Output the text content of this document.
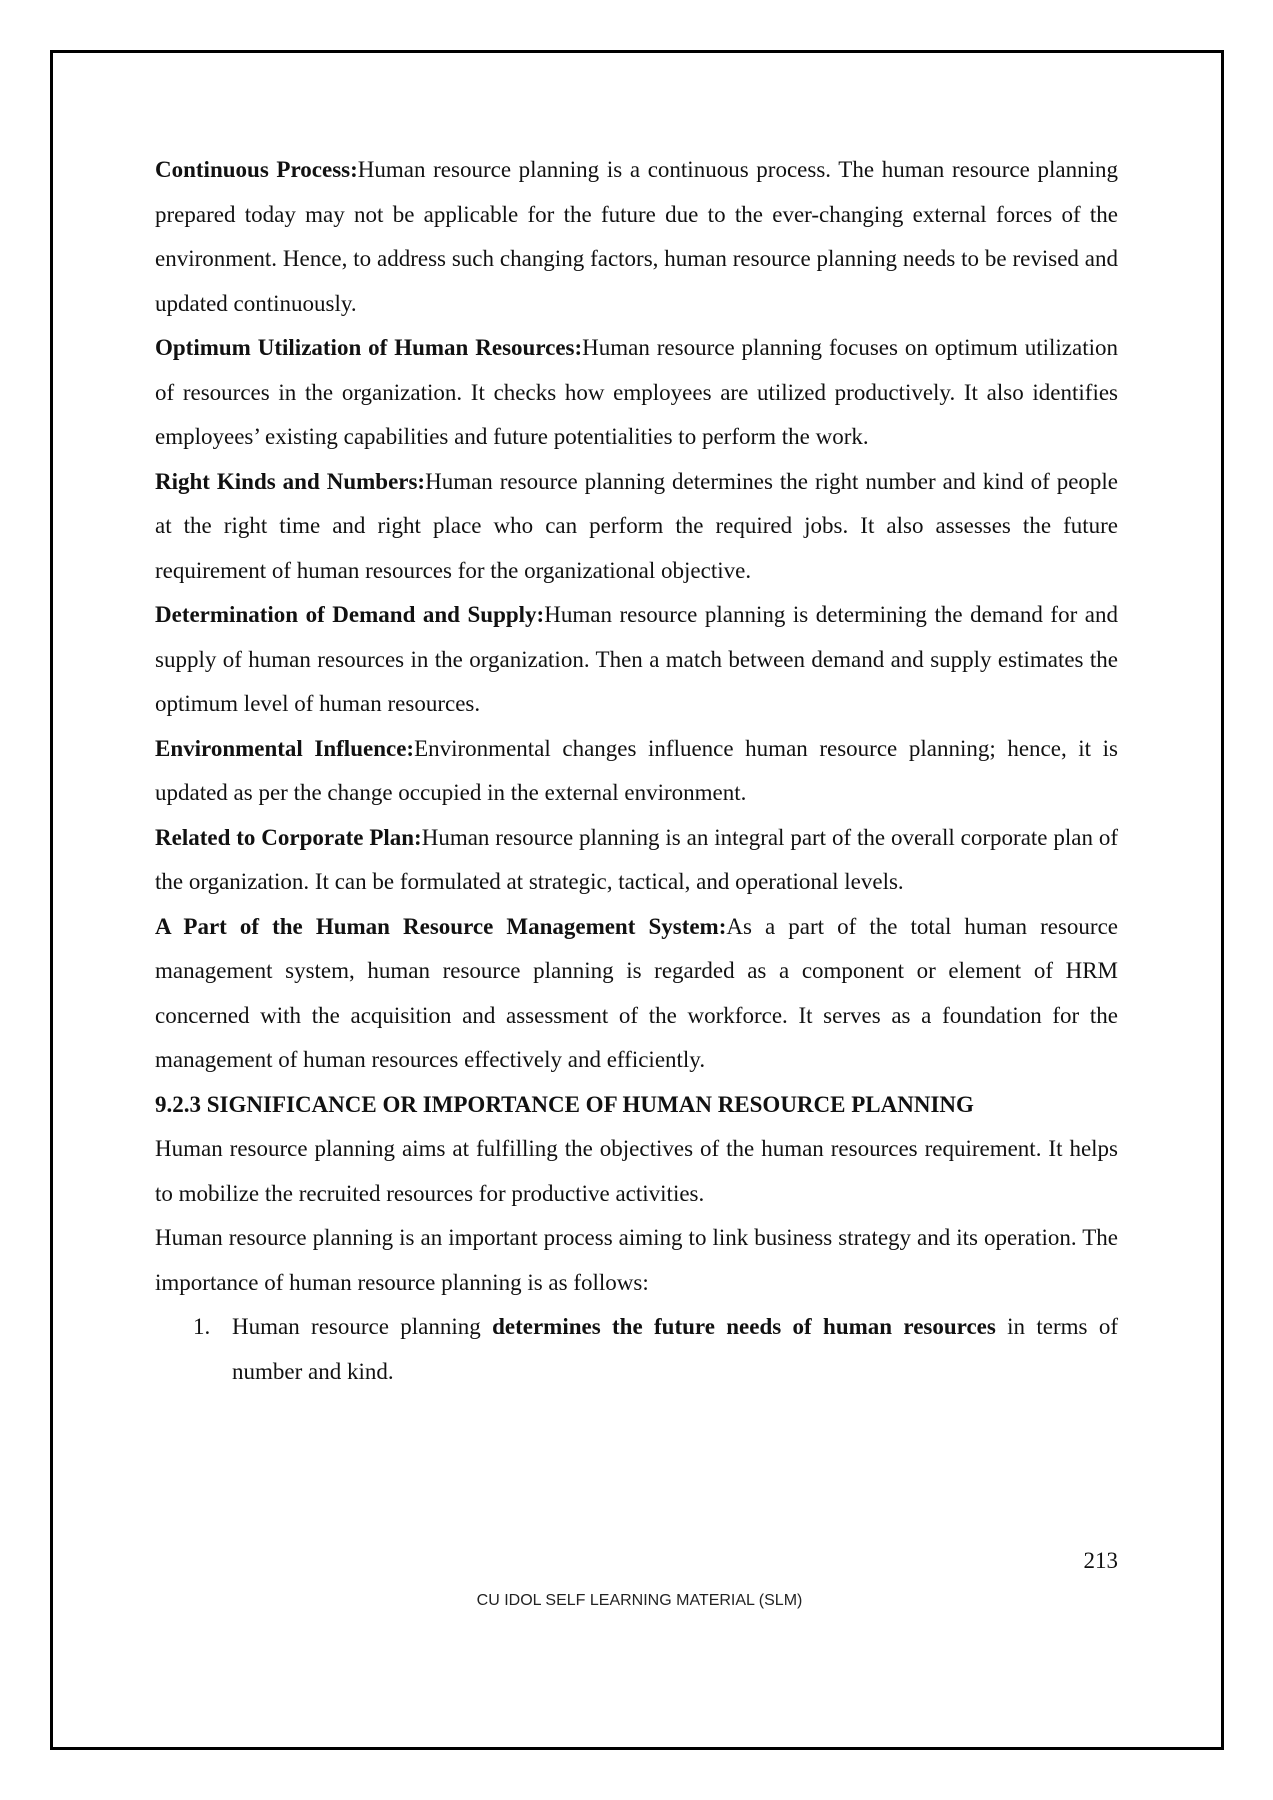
Continuous Process:Human resource planning is a continuous process. The human resource planning prepared today may not be applicable for the future due to the ever-changing external forces of the environment. Hence, to address such changing factors, human resource planning needs to be revised and updated continuously.

Optimum Utilization of Human Resources:Human resource planning focuses on optimum utilization of resources in the organization. It checks how employees are utilized productively. It also identifies employees’ existing capabilities and future potentialities to perform the work.

Right Kinds and Numbers:Human resource planning determines the right number and kind of people at the right time and right place who can perform the required jobs. It also assesses the future requirement of human resources for the organizational objective.

Determination of Demand and Supply:Human resource planning is determining the demand for and supply of human resources in the organization. Then a match between demand and supply estimates the optimum level of human resources.

Environmental Influence:Environmental changes influence human resource planning; hence, it is updated as per the change occupied in the external environment.

Related to Corporate Plan:Human resource planning is an integral part of the overall corporate plan of the organization. It can be formulated at strategic, tactical, and operational levels.

A Part of the Human Resource Management System:As a part of the total human resource management system, human resource planning is regarded as a component or element of HRM concerned with the acquisition and assessment of the workforce. It serves as a foundation for the management of human resources effectively and efficiently.

9.2.3 SIGNIFICANCE OR IMPORTANCE OF HUMAN RESOURCE PLANNING

Human resource planning aims at fulfilling the objectives of the human resources requirement. It helps to mobilize the recruited resources for productive activities.

Human resource planning is an important process aiming to link business strategy and its operation. The importance of human resource planning is as follows:

1. Human resource planning determines the future needs of human resources in terms of number and kind.
213
CU IDOL SELF LEARNING MATERIAL (SLM)
